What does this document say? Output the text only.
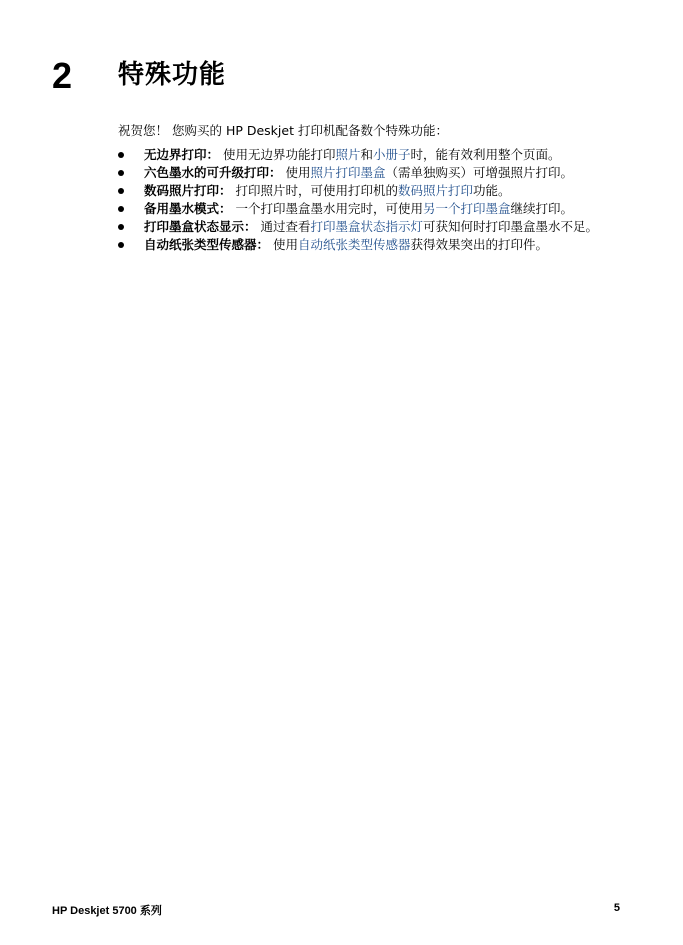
2 特殊功能
祝贺您！ 您购买的 HP Deskjet 打印机配备数个特殊功能：
无边界打印： 使用无边界功能打印照片和小册子时，能有效利用整个页面。
六色墨水的可升级打印： 使用照片打印墨盒（需单独购买）可增强照片打印。
数码照片打印： 打印照片时，可使用打印机的数码照片打印功能。
备用墨水模式： 一个打印墨盒墨水用完时，可使用另一个打印墨盒继续打印。
打印墨盒状态显示： 通过查看打印墨盒状态指示灯可获知何时打印墨盒墨水不足。
自动纸张类型传感器： 使用自动纸张类型传感器获得效果突出的打印件。
HP Deskjet 5700 系列	5
